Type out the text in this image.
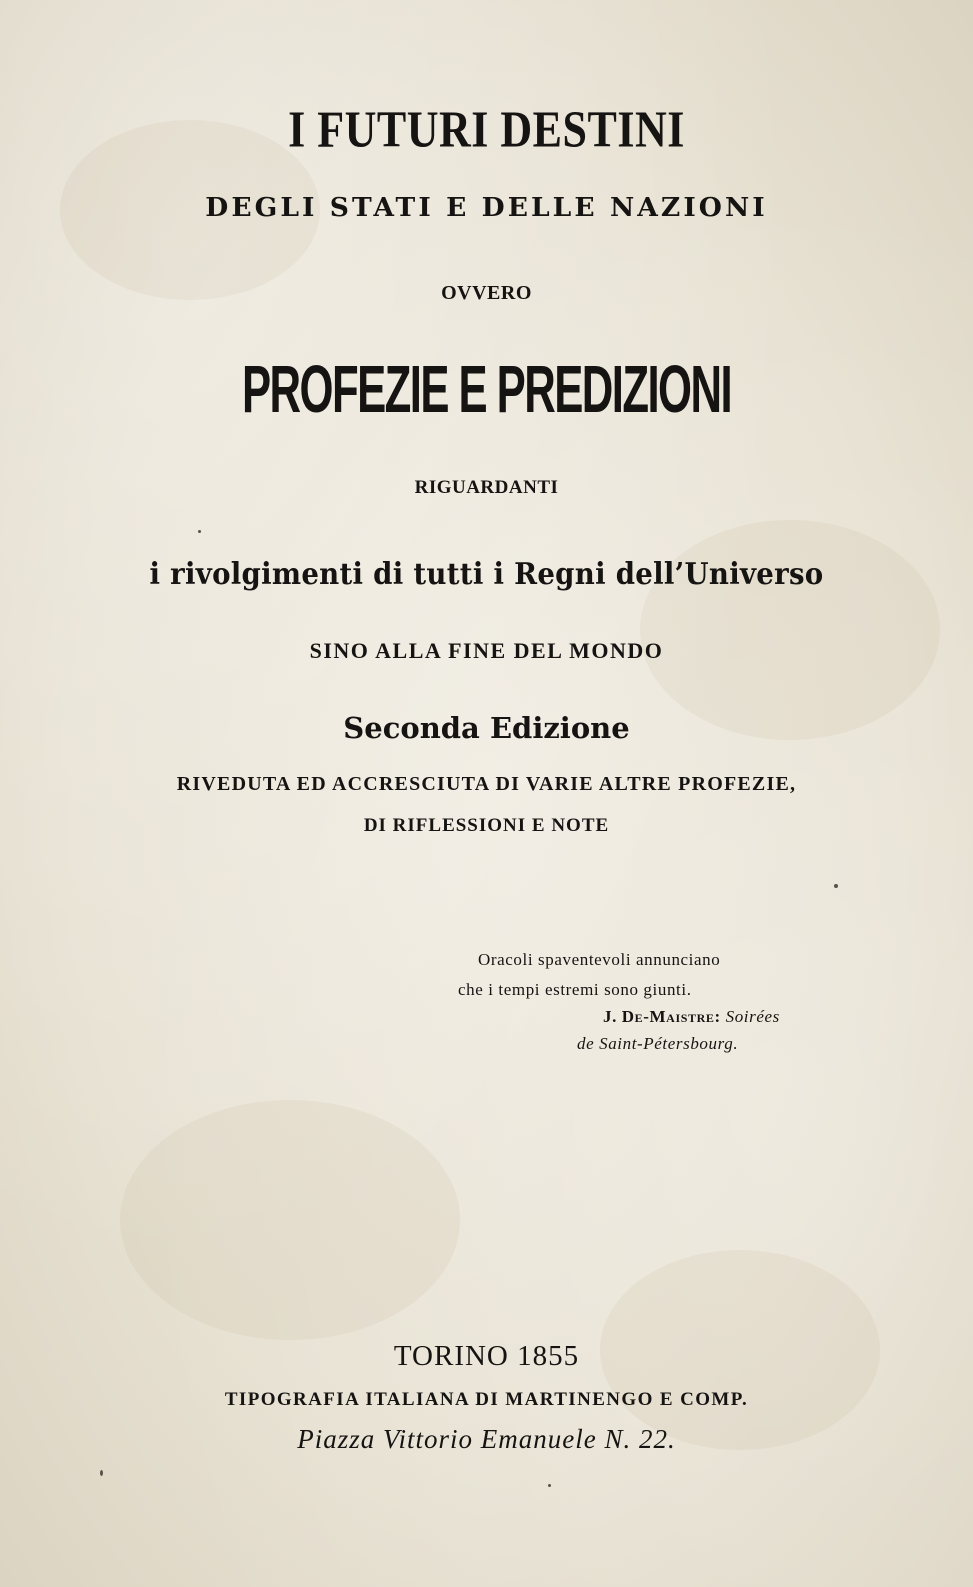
I FUTURI DESTINI

DEGLI STATI E DELLE NAZIONI

OVVERO

PROFEZIE E PREDIZIONI

RIGUARDANTI

i rivolgimenti di tutti i Regni dell’Universo

SINO ALLA FINE DEL MONDO

Seconda Edizione

RIVEDUTA ED ACCRESCIUTA DI VARIE ALTRE PROFEZIE,

DI RIFLESSIONI E NOTE

Oracoli spaventevoli annunciano

che i tempi estremi sono giunti.

J. De-Maistre: Soirées

de Saint-Pétersbourg.

TORINO 1855

TIPOGRAFIA ITALIANA DI MARTINENGO E COMP.

Piazza Vittorio Emanuele N. 22.
